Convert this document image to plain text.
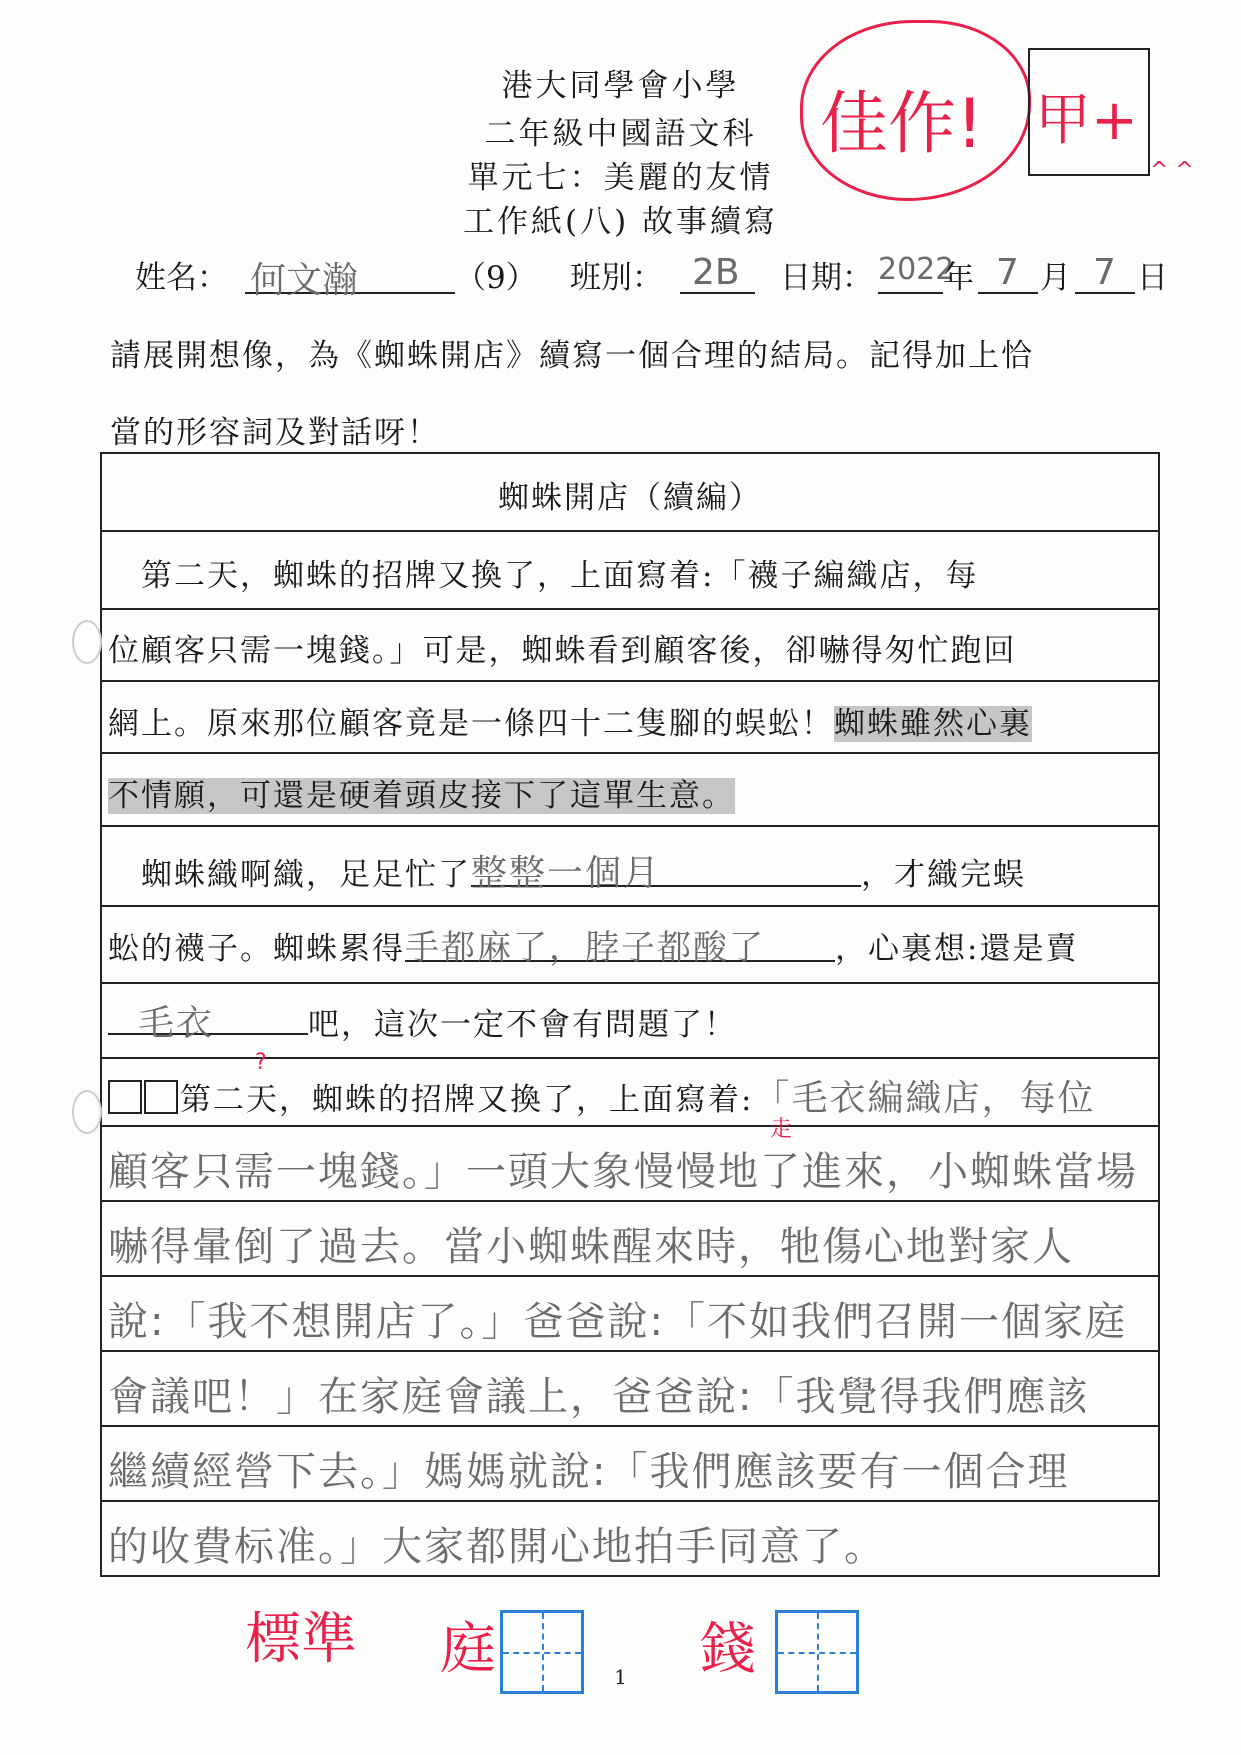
港大同學會小學
二年級中國語文科
單元七：美麗的友情
工作紙(八) 故事續寫
佳作! 甲+
^ ^
姓名： 何文瀚	（9） 班別： 2B	日期： 2022
年 7 月 7 日
請展開想像，為《蜘蛛開店》續寫一個合理的結局。記得加上恰
當的形容詞及對話呀！
蜘蛛開店（續編）
　第二天，蜘蛛的招牌又換了，上面寫着:「襪子編織店，每
位顧客只需一塊錢。」可是，蜘蛛看到顧客後，卻嚇得匆忙跑回
網上。原來那位顧客竟是一條四十二隻腳的蜈蚣！蜘蛛雖然心裏
不情願，可還是硬着頭皮接下了這單生意。
　蜘蛛織啊織，足足忙了整整一個月	，才織完蜈
蚣的襪子。蜘蛛累得手都麻了，脖子都酸了 ，心裏想:還是賣
毛衣	吧，這次一定不會有問題了！
第二天，蜘蛛的招牌又換了，上面寫着:「毛衣編織店，每位
顧客只需一塊錢。」一頭大象慢慢地了進來，小蜘蛛當場
嚇得暈倒了過去。當小蜘蛛醒來時，牠傷心地對家人
說:「我不想開店了。」爸爸說:「不如我們召開一個家庭
會議吧！」在家庭會議上，爸爸說:「我覺得我們應該
繼續經營下去。」媽媽就說:「我們應該要有一個合理
的收費标准。」大家都開心地拍手同意了。
?
走
標準 庭	錢
1
